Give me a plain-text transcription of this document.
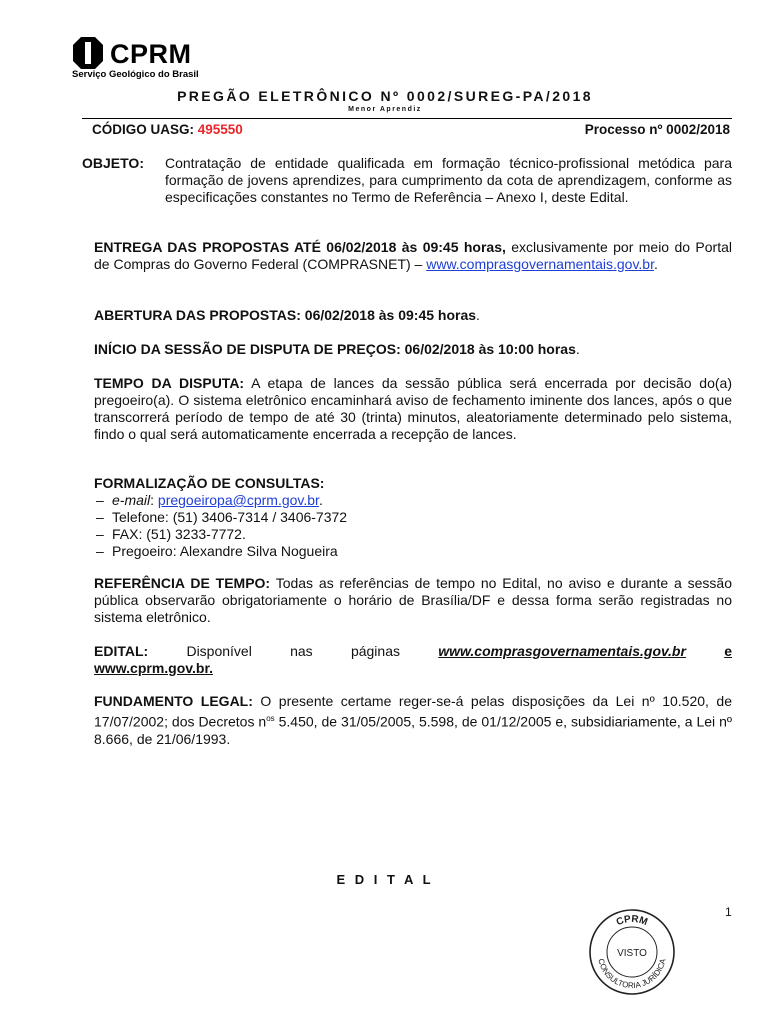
CPRM
Serviço Geológico do Brasil
PREGÃO ELETRÔNICO Nº 0002/SUREG-PA/2018
Menor Aprendiz
CÓDIGO UASG: 495550	Processo nº 0002/2018
OBJETO: Contratação de entidade qualificada em formação técnico-profissional metódica para formação de jovens aprendizes, para cumprimento da cota de aprendizagem, conforme as especificações constantes no Termo de Referência – Anexo I, deste Edital.
ENTREGA DAS PROPOSTAS ATÉ 06/02/2018 às 09:45 horas, exclusivamente por meio do Portal de Compras do Governo Federal (COMPRASNET) – www.comprasgovernamentais.gov.br.
ABERTURA DAS PROPOSTAS: 06/02/2018 às 09:45 horas.
INÍCIO DA SESSÃO DE DISPUTA DE PREÇOS: 06/02/2018 às 10:00 horas.
TEMPO DA DISPUTA: A etapa de lances da sessão pública será encerrada por decisão do(a) pregoeiro(a). O sistema eletrônico encaminhará aviso de fechamento iminente dos lances, após o que transcorrerá período de tempo de até 30 (trinta) minutos, aleatoriamente determinado pelo sistema, findo o qual será automaticamente encerrada a recepção de lances.
FORMALIZAÇÃO DE CONSULTAS:
– e-mail: pregoeiropa@cprm.gov.br.
– Telefone: (51) 3406-7314 / 3406-7372
– FAX: (51) 3233-7772.
– Pregoeiro: Alexandre Silva Nogueira
REFERÊNCIA DE TEMPO: Todas as referências de tempo no Edital, no aviso e durante a sessão pública observarão obrigatoriamente o horário de Brasília/DF e dessa forma serão registradas no sistema eletrônico.
EDITAL:	Disponível	nas	páginas	www.comprasgovernamentais.gov.br	e
www.cprm.gov.br.
FUNDAMENTO LEGAL: O presente certame reger-se-á pelas disposições da Lei nº 10.520, de 17/07/2002; dos Decretos $n^{os}$ 5.450, de 31/05/2005, 5.598, de 01/12/2005 e, subsidiariamente, a Lei nº 8.666, de 21/06/1993.
E D I T A L
1
CPRM
VISTO
CONSULTORIA JURÍDICA
